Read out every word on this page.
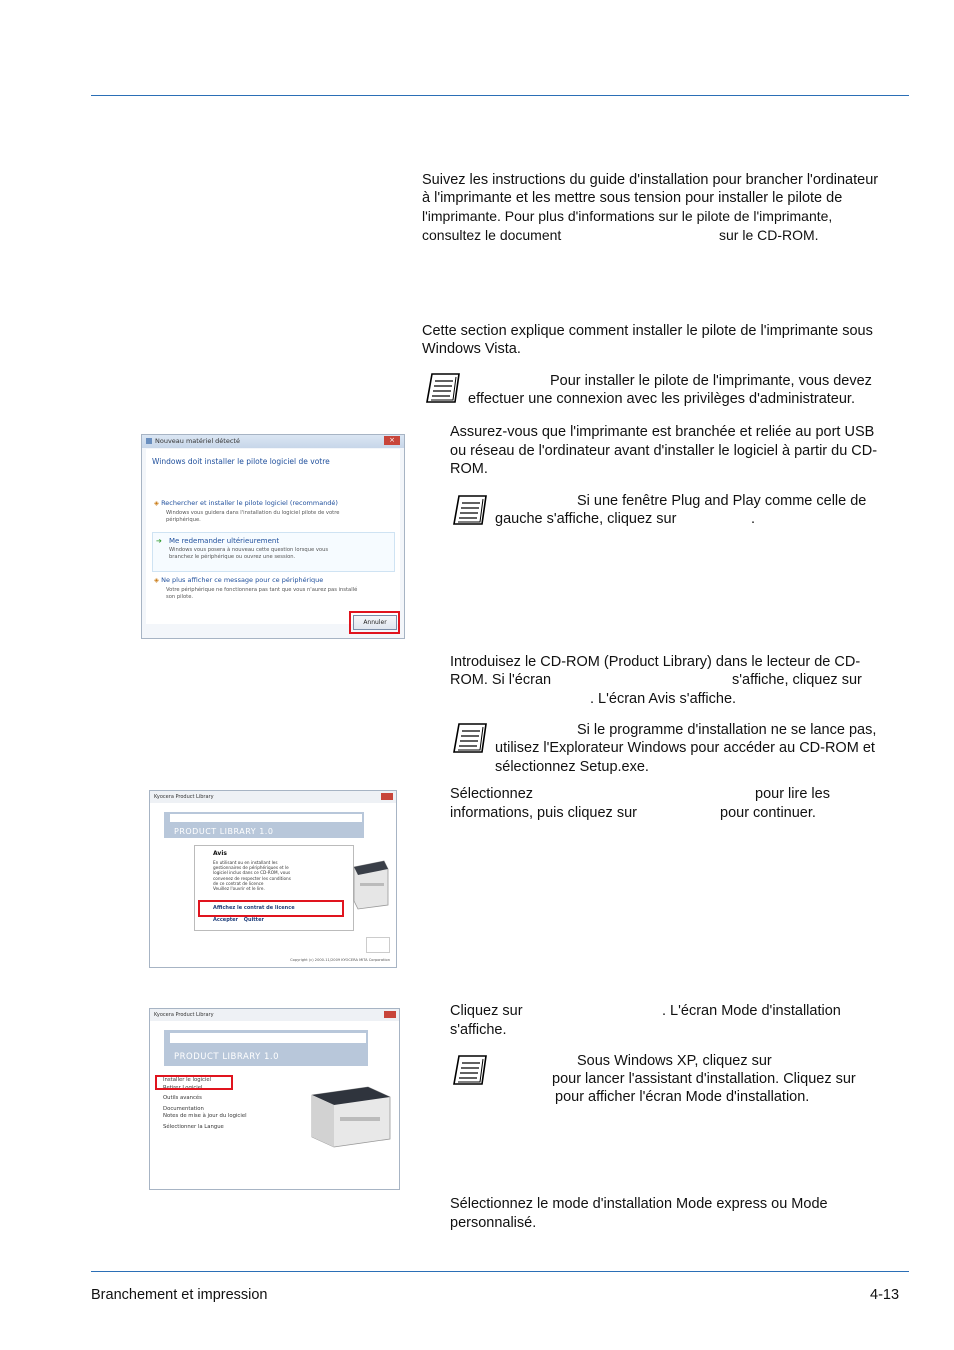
Suivez les instructions du guide d'installation pour brancher l'ordinateur

à l'imprimante et les mettre sous tension pour installer le pilote de

l'imprimante. Pour plus d'informations sur le pilote de l'imprimante,

consultez le document	sur le CD-ROM.

Cette section explique comment installer le pilote de l'imprimante sous

Windows Vista.

Pour installer le pilote de l'imprimante, vous devez

effectuer une connexion avec les privilèges d'administrateur.

Assurez-vous que l'imprimante est branchée et reliée au port USB

ou réseau de l'ordinateur avant d'installer le logiciel à partir du CD-

ROM.

Si une fenêtre Plug and Play comme celle de

gauche s'affiche, cliquez sur	.

Nouveau matériel détecté	×
Windows doit installer le pilote logiciel de votre
◈ Rechercher et installer le pilote logiciel (recommandé)
Windows vous guidera dans l'installation du logiciel pilote de votre
périphérique.
➔ Me redemander ultérieurement
Windows vous posera à nouveau cette question lorsque vous
branchez le périphérique ou ouvrez une session.
◈ Ne plus afficher ce message pour ce périphérique
Votre périphérique ne fonctionnera pas tant que vous n'aurez pas installé
son pilote.
Annuler

Introduisez le CD-ROM (Product Library) dans le lecteur de CD-

ROM. Si l'écran	s'affiche, cliquez sur

. L'écran Avis s'affiche.

Si le programme d'installation ne se lance pas,

utilisez l'Explorateur Windows pour accéder au CD-ROM et

sélectionnez Setup.exe.

Sélectionnez	pour lire les

informations, puis cliquez sur	pour continuer.

Kyocera Product Library
PRODUCT LIBRARY 1.0
Avis
En utilisant ou en installant les
gestionnaires de périphériques et le
logiciel inclus dans ce CD-ROM, vous
convenez de respecter les conditions
de ce contrat de licence
Veuillez l'ouvrir et le lire.
Affichez le contrat de licence
Accepter Quitter
Copyright (c) 2000-11/2009 KYOCERA MITA Corporation

Cliquez sur	. L'écran Mode d'installation

s'affiche.

Sous Windows XP, cliquez sur

pour lancer l'assistant d'installation. Cliquez sur

pour afficher l'écran Mode d'installation.

Kyocera Product Library
PRODUCT LIBRARY 1.0
Installer le logiciel
Retirer Logiciel
Outils avancés
Documentation
Notes de mise à jour du logiciel
Sélectionner la Langue

Sélectionnez le mode d'installation Mode express ou Mode

personnalisé.

Branchement et impression	4-13
